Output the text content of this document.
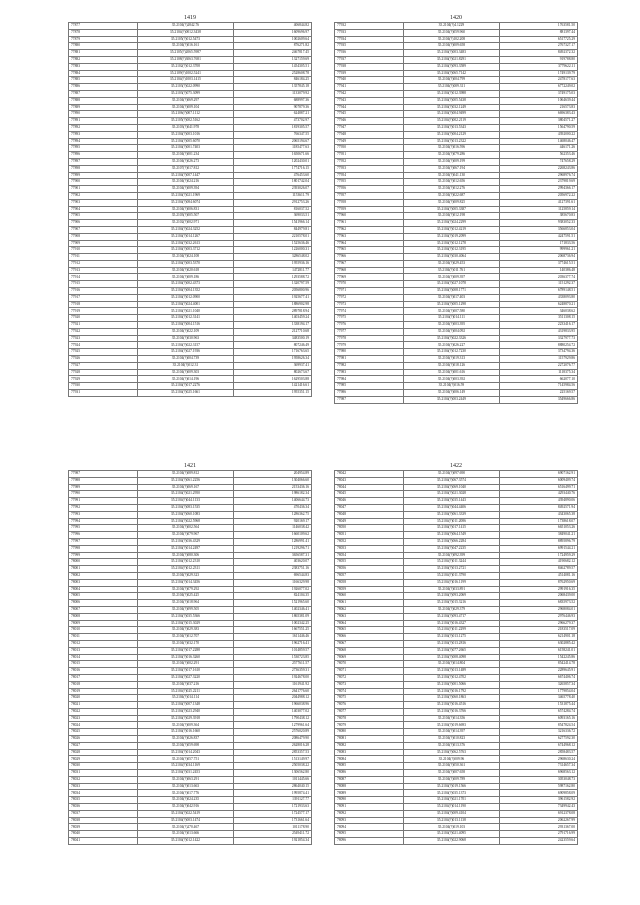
1419
77877	35.2104(?)2842.76	406844.82
77878	35.2104(?)0012.3438	1609696.97
77879	35.2105(?)012.5473	1002609.64
77880	35.2104(?)016.161	876271.82
77881	35.2105(?)2065.5987	2467817.45
77882	35.2108(?)3063.7681	1327159.69
77883	35.2102(?)012.3708	1454305.51
77884	35.2109(?)1002.5241	2528608.78
77885	35.2104(?)1003.1415	846184.25
77886	35.2103(?)022.0990	1357845.18
77887	35.2103(?)075.3099	1133079.92
77888	35.2104(?)069.297	688997.36
77889	35.2104(?)009.104	907879.36
77890	35.2106(?)007.1112	624887.21
77891	35.2105(?)002.5162	473702.97
77892	35.2103(?)041.978	1819305.57
77893	35.2104(?)003.1016	766347.55
77894	35.2104(?)005.6070	2065194.67
77895	35.2104(?)001.7403	1185477.63
77896	35.2104(?)001.234	1650671.66
77897	35.2104(?)026.273	1202430.01
77898	35.2107(?)017.812	1774716.15
77899	35.2104(?)007.1447	476453.60
77900	35.2104(?)024.216	1801742.04
77901	35.2104(?)009.394	2393026.07
77902	35.2104(?)021.1969	1153611.79
77903	35.2104(?)084.6074	2912753.26
77904	35.2104(?)006.831	816037.52
77905	35.2103(?)005.507	369033.51
77906	35.2102(?)002.971	1541966.14
77907	35.2104(?)024.3252	844979.81
77908	35.2104(?)014.1267	2210578.01
77909	35.2104(?)032.2613	1525636.46
77910	35.2104(?)003.3712	1226000.31
77911	35.2104(?)024.108	3286548.02
77912	35.2104(?)003.5370	1955936.16
77913	35.2104(?)020.618	1472811.77
77914	35.2104(?)009.186	1293588.72
77915	35.2104(?)002.4373	1320797.59
77916	35.2104(?)004.1352	2056800.96
77917	35.2104(?)012.0900	1925677.41
77918	35.2104(?)024.4001	1886902.98
77919	35.2104(?)021.1040	2897818.94
77920	35.2104(?)012.3141	1403459.24
77921	35.2104(?)004.1516	1338194.17
77922	35.2104(?)022.109	2127710.68
77923	35.2104(?)030.963	3483500.19
77924	35.2104(?)022.3157	807246.49
77925	35.2104(?)027.1936	1716763.65
77926	35.2104(?)004.739	1958626.34
77927	35.2104(?)012.31	369937.41
77928	35.2104(?)009.303	802673.67
77929	35.2104(?)014.196	1629503.88
77930	35.2104(?)017.2276	1421416.61
77931	35.2104(?)025.1661	1955351.15
1420
77932	35.2104(?)4.1229	1763581.50
77933	35.2104(?)059.960	881397.44
77934	35.2104(?)102.208	6517725.29
77935	35.2104(?)009.658	2767327.17
77936	35.2104(?)003.3483	8492372.32
77937	35.2104(?)021.8291	919788.80
77938	35.2104(?)093.3589	3779622.11
77939	35.2104(?)065.7142	1749139.79
77940	35.2104(?)004.799	2478177.63
77941	35.2104(?)009.311	6772249.02
77942	35.2104(?)012.3988	3749175.03
77943	35.2104(?)005.5438	1064639.44
77944	35.2104(?)032.1249	216573.83
77945	35.2104(?)004.9499	6696383.43
77946	35.2104(?)002.2119	3804571.27
77947	35.2104(?)013.5343	1564790.59
77948	35.2104(?)004.2129	4392000.22
77949	35.2104(?)013.2322	1468046.47
77950	35.2104(?)016.596	446171.26
77951	35.2104(?)079.286	562353.46
77952	35.2104(?)009.199	747658.29
77953	35.2104(?)067.194	2268243.86
77954	35.2104(?)041.130	2968976.74
77955	35.2104(?)012.656	2379819.69
77956	35.2104(?)012.276	2994366.17
77957	35.2104(?)022.687	2056972.22
77958	35.2104(?)009.825	4127391.61
77959	35.2104(?)005.3387	1125859.14
77960	35.2104(?)012.198	385670.83
77961	35.2104(?)024.2299	9383052.33
77962	35.2104(?)012.4219	3566853.04
77963	35.2104(?)019.2099	4247591.51
77964	35.2104(?)012.1278	171833.56
77965	35.2104(?)012.3195	999961.21
77966	35.2104(?)030.4064	2068736.94
77967	35.2104(?)029.453	3774615.51
77968	35.2104(?)011.761	140386.48
77969	35.2104(?)009.397	2036377.74
77970	35.2104(?)027.1078	1151292.37
77971	35.2104(?)008.1771	6789148.51
77972	35.2104(?)017.403	4338093.80
77973	35.2104(?)005.1298	6248870.21
77974	35.2104(?)007.580	346038.62
77975	35.2104(?)014.111	3511308.15
77976	35.2104(?)003.395	2233416.17
77977	35.2104(?)004.092	4319833.95
77978	35.2104(?)022.3326	3327977.73
77979	35.2104(?)026.227	8880254.72
77980	35.2104(?)012.7230	3734794.36
77981	35.2104(?)019.313	1157929.86
77982	35.2104(?)018.126	2272076.77
77983	35.2104(?)001.616	1118375.34
77984	35.2104(?)003.392	662077.10
77985	35.2104(?)016.59	7145984.56
77986	35.2104(?)006.149	225169.57
77987	35.2104(?)003.2449	3549666.86
1421
77987	35.2104(?)089.812	204954.89
77988	35.2104(?)061.2256	1304066.60
77989	35.2104(?)069.167	2153436.16
77990	35.2104(?)021.2950	1986182.34
77991	35.2104(?)044.1133	1406644.73
77992	35.2104(?)083.1535	470436.34
77993	35.2104(?)060.1083	1286362.75
77994	35.2104(?)022.5968	920169.17
77995	35.2104(?)002.564	1146038.42
77996	35.2104(?)079.967	1660109.62
77997	35.2104(?)036.4329	1286991.41
77998	35.2104(?)014.2497	1219296.71
77999	35.2104(?)080.306	3656587.31
78000	35.2104(?)012.2310	403620.07
78001	35.2104(?)012.2311	2383751.16
78002	35.2104(?)029.323	696544.83
78003	35.2104(?)014.3456	1166329.98
78004	35.2104(?)079.292	1926077.02
78005	35.2104(?)025.425	824104.35
78006	35.2104(?)018.964	1521965.60
78007	35.2104(?)099.505	1402346.41
78008	35.2104(?)035.5366	1865381.09
78009	35.2104(?)015.3029	1002342.25
78010	35.2104(?)029.383	1667551.25
78011	35.2104(?)012.707	1611446.46
78012	35.2104(?)032.170	1962716.41
78013	35.2104(?)017.2288	1014859.57
78014	35.2104(?)016.3260	1530723.85
78015	35.2104(?)002.291	2577611.57
78016	35.2104(?)017.1610	2736359.31
78017	35.2104(?)027.3220	1924678.00
78018	35.2104(?)037.216	1161941.92
78019	35.2104(?)025.2211	2641776.60
78020	35.2104(?)014.114	2044988.12
78021	35.2104(?)007.1348	1966038.96
78022	35.2104(?)023.2940	1403077.02
78023	35.2104(?)029.3918	1790438.12
78024	35.2104(?)009.364	1279961.64
78025	35.2104(?)016.1660	2576020.89
78026	35.2104(?)026.837	2086479.90
78027	35.2104(?)059.698	2628016.28
78028	35.2104(?)014.2043	2853357.53
78029	35.2104(?)057.751	1513149.97
78030	35.2104(?)034.1169	2505038.22
78031	35.2104(?)031.2453	1306562.80
78032	35.2104(?)063.291	1011445.66
78033	35.2104(?)013.663	2864040.15
78034	35.2104(?)017.776	1995874.41
78035	35.2104(?)024.235	1391127.77
78036	35.2104(?)042.916	1721933.63
78037	35.2104(?)022.5419	1724577.17
78038	35.2104(?)003.1474	1731661.64
78039	35.2104(?)270.467	1011178.90
78040	35.2104(?)013.666	2549411.72
78041	35.2104(?)012.1422	1921854.34
1422
78042	35.2104(?)097.690	6907162.91
78043	35.2104(?)067.3574	6009409.74
78044	35.2104(?)069.1040	6516499.71
78045	35.2104(?)021.3028	4293440.76
78046	35.2104(?)035.1443	4394890.06
78047	35.2104(?)044.4406	8492571.94
78048	35.2104(?)061.3339	4343065.38
78049	35.2104(?)011.2086	1738618.07
78050	35.2104(?)017.1415	6651053.26
78051	35.2104(?)064.1549	3849041.21
78052	35.2104(?)066.2284	8895896.79
78053	35.2104(?)047.2235	6991544.21
78054	35.2104(?)092.399	1724959.29
78055	35.2104(?)011.3244	4190682.12
78056	35.2104(?)013.2721	8462789.57
78057	35.2104(?)011.3790	4514081.16
78058	35.2104(?)016.1199	8762950.69
78059	35.2104(?)033.891	2991916.35
78060	35.2104(?)093.2069	2068439.00
78061	35.2104(?)015.3216	6835973.52
78062	35.2104(?)029.379	2968084.01
78063	35.2104(?)093.4717	2976446.93
78064	35.2104(?)016.4327	2966279.37
78065	35.2104(?)011.2299	2183517.09
78066	35.2104(?)013.1275	6214901.18
78067	35.2104(?)013.2816	6302885.42
78068	35.2104(?)077.2665	6158241.01
78069	35.2104(?)008.4098	1542245.86
78070	35.2104(?)014.804	8542414.78
78071	35.2104(?)013.1489	2289645.91
78072	35.2104(?)012.4702	6674406.74
78073	35.2104(?)001.5066	3265857.34
78074	35.2104(?)016.1792	1779854.04
78075	35.2104(?)060.1863	3465778.40
78076	35.2104(?)016.4516	1531875.44
78077	35.2104(?)016.3766	6574284.74
78078	35.2104(?)014.356	6093165.16
78079	35.2104(?)019.6693	8547824.54
78080	35.2104(?)014.397	3216336.72
78081	35.2104(?)010.823	6277592.30
78082	35.2104(?)013.376	6744968.12
78083	35.2104(?)062.5763	2858483.57
78084	35.2104(?)009.96	2968630.24
78085	35.2104(?)050.361	7314657.34
78086	35.2104(?)007.658	6968563.12
78087	35.2104(?)009.789	3053048.73
78088	35.2104(?)019.1566	5987162.80
78089	35.2104(?)035.1373	6909858.09
78090	35.2104(?)021.1701	3961582.92
78091	35.2104(?)014.1190	7349942.43
78092	35.2104(?)009.4104	6912378.08
78093	35.2104(?)013.1138	2062267.99
78094	35.2104(?)019.103	2931367.00
78095	35.2104(?)021.4095	2791716.99
78096	35.2104(?)022.9068	2423559.64
